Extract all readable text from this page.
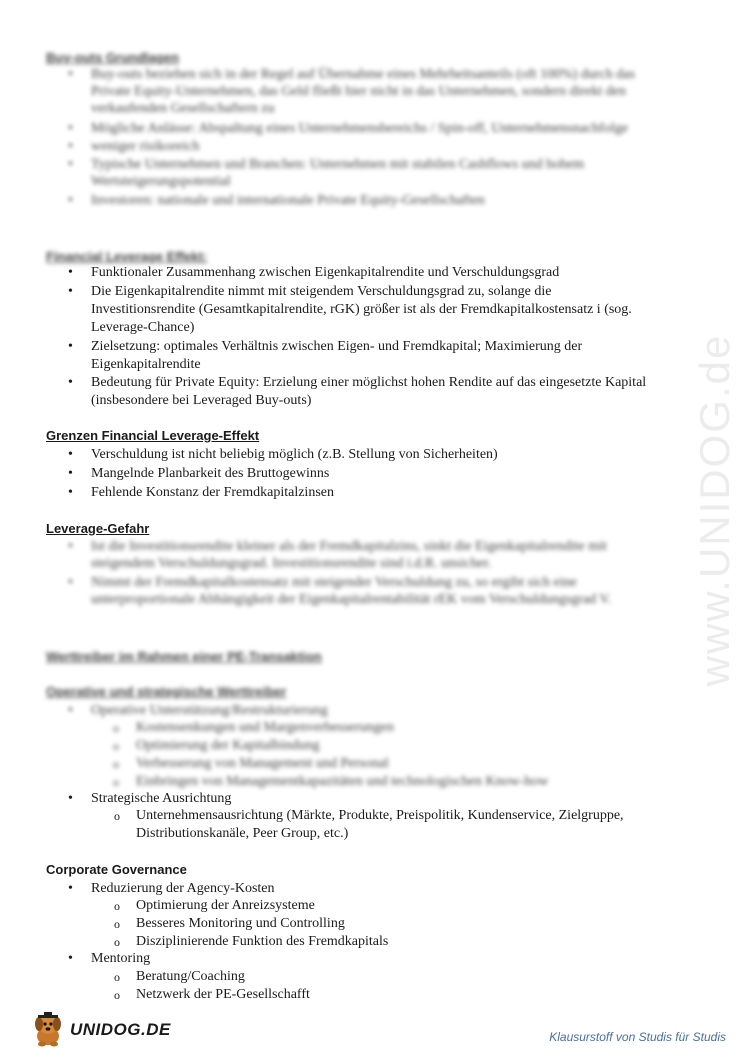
www.UNIDOG.de
Buy-outs Grundlagen
• Buy-outs beziehen sich in der Regel auf Übernahme eines Mehrheitsanteils (oft 100%) durch das
Private Equity-Unternehmen, das Geld fließt hier nicht in das Unternehmen, sondern direkt den
verkaufenden Gesellschaftern zu
• Mögliche Anlässe: Abspaltung eines Unternehmensbereichs / Spin-off, Unternehmensnachfolge
• weniger risikoreich
• Typische Unternehmen und Branchen: Unternehmen mit stabilen Cashflows und hohem
Wertsteigerungspotential
• Investoren: nationale und internationale Private Equity-Gesellschaften
Financial Leverage Effekt:
• Funktionaler Zusammenhang zwischen Eigenkapitalrendite und Verschuldungsgrad
• Die Eigenkapitalrendite nimmt mit steigendem Verschuldungsgrad zu, solange die
Investitionsrendite (Gesamtkapitalrendite, rGK) größer ist als der Fremdkapitalkostensatz i (sog.
Leverage-Chance)
• Zielsetzung: optimales Verhältnis zwischen Eigen- und Fremdkapital; Maximierung der
Eigenkapitalrendite
• Bedeutung für Private Equity: Erzielung einer möglichst hohen Rendite auf das eingesetzte Kapital
(insbesondere bei Leveraged Buy-outs)
Grenzen Financial Leverage-Effekt
• Verschuldung ist nicht beliebig möglich (z.B. Stellung von Sicherheiten)
• Mangelnde Planbarkeit des Bruttogewinns
• Fehlende Konstanz der Fremdkapitalzinsen
Leverage-Gefahr
• Ist die Investitionsrendite kleiner als der Fremdkapitalzins, sinkt die Eigenkapitalrendite mit
steigendem Verschuldungsgrad. Investitionsrendite sind i.d.R. unsicher.
• Nimmt der Fremdkapitalkostensatz mit steigender Verschuldung zu, so ergibt sich eine
unterproportionale Abhängigkeit der Eigenkapitalrentabilität rEK vom Verschuldungsgrad V.
Werttreiber im Rahmen einer PE-Transaktion
Operative und strategische Werttreiber
• Operative Unterstützung/Restrukturierung
o Kostensenkungen und Margenverbesserungen
o Optimierung der Kapitalbindung
o Verbesserung von Management und Personal
o Einbringen von Managementkapazitäten und technologischen Know-how
• Strategische Ausrichtung
o Unternehmensausrichtung (Märkte, Produkte, Preispolitik, Kundenservice, Zielgruppe,
Distributionskanäle, Peer Group, etc.)
Corporate Governance
• Reduzierung der Agency-Kosten
o Optimierung der Anreizsysteme
o Besseres Monitoring und Controlling
o Disziplinierende Funktion des Fremdkapitals
• Mentoring
o Beratung/Coaching
o Netzwerk der PE-Gesellschafft
UNIDOG.DE	Klausurstoff von Studis für Studis
